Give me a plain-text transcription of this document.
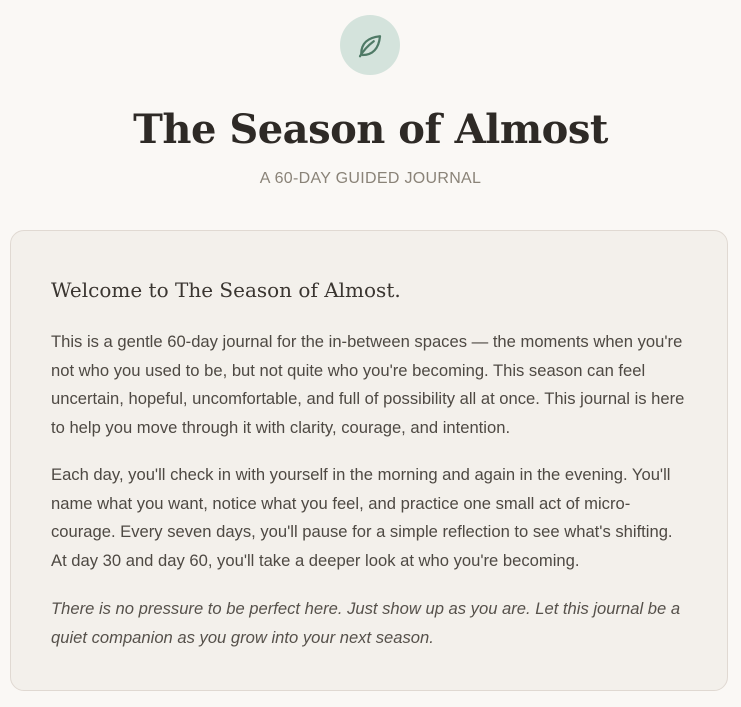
The Season of Almost
A 60-DAY GUIDED JOURNAL
Welcome to The Season of Almost.

This is a gentle 60-day journal for the in-between spaces — the moments when you're not who you used to be, but not quite who you're becoming. This season can feel uncertain, hopeful, uncomfortable, and full of possibility all at once. This journal is here to help you move through it with clarity, courage, and intention.

Each day, you'll check in with yourself in the morning and again in the evening. You'll name what you want, notice what you feel, and practice one small act of micro-courage. Every seven days, you'll pause for a simple reflection to see what's shifting. At day 30 and day 60, you'll take a deeper look at who you're becoming.

There is no pressure to be perfect here. Just show up as you are. Let this journal be a quiet companion as you grow into your next season.
